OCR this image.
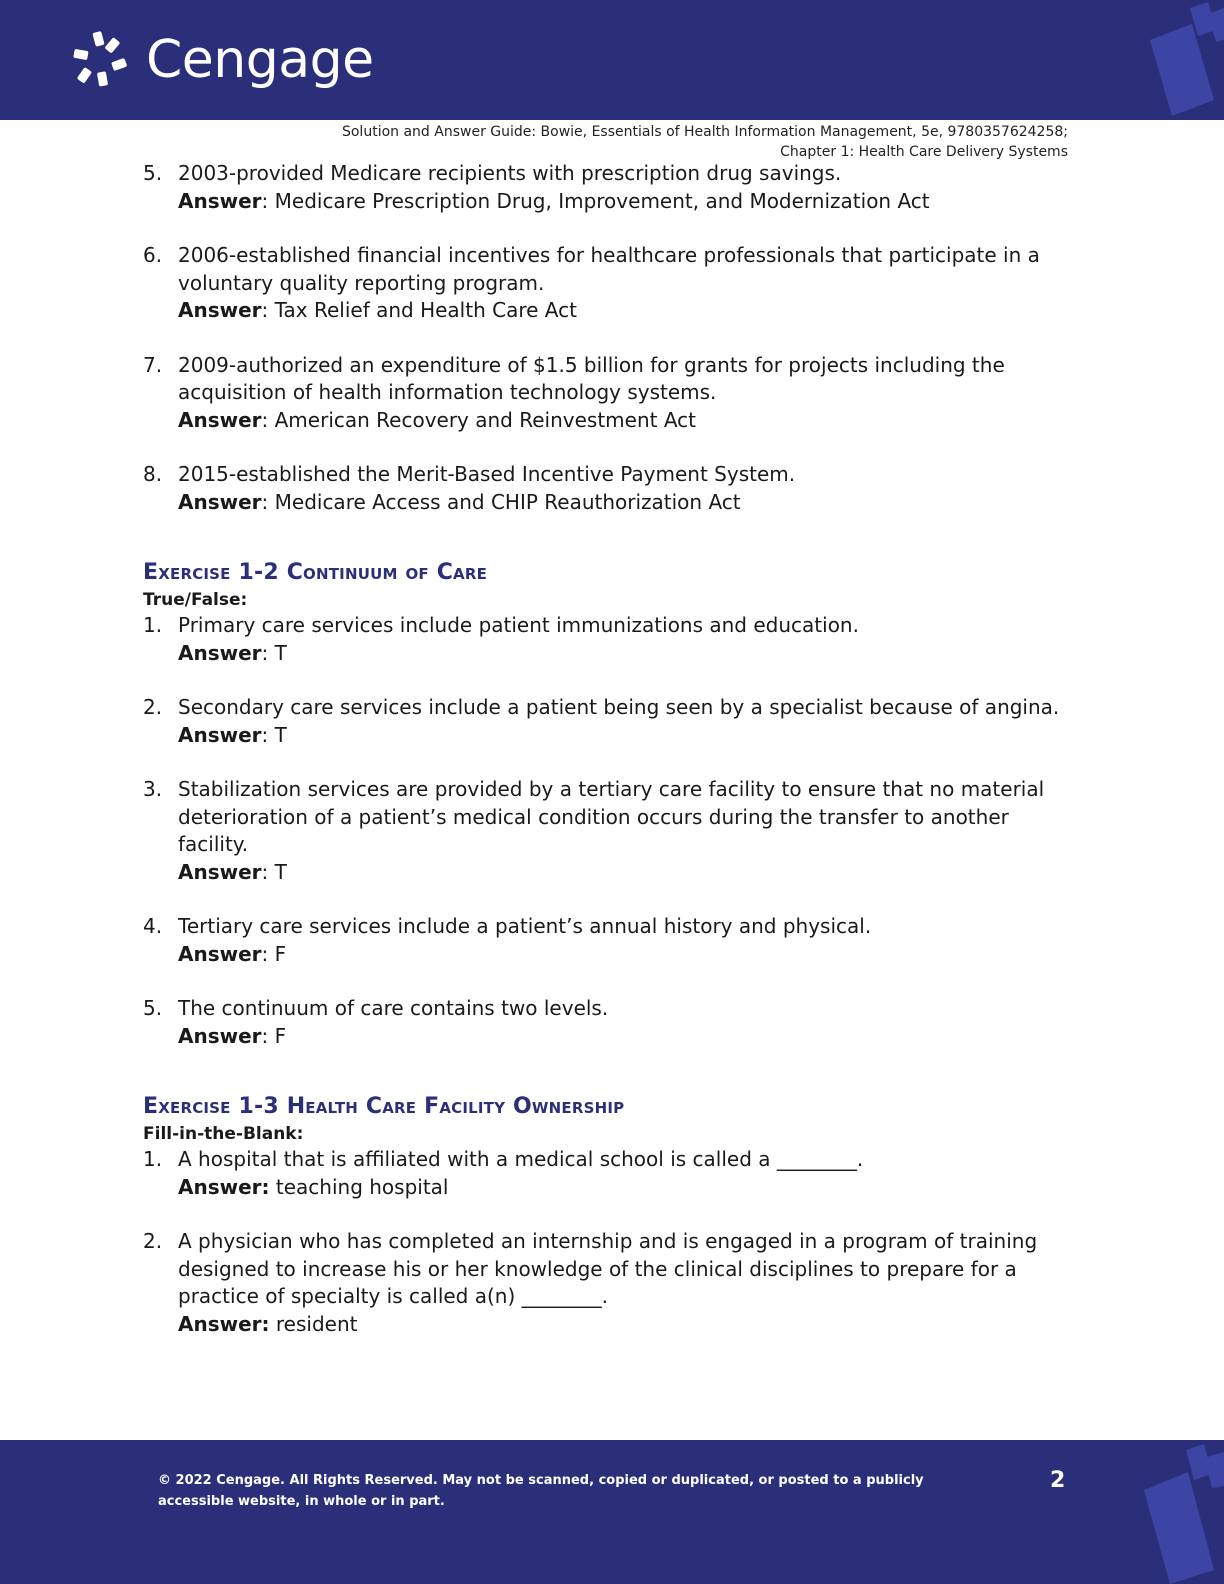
Cengage
Solution and Answer Guide: Bowie, Essentials of Health Information Management, 5e, 9780357624258;
Chapter 1: Health Care Delivery Systems
5. 2003-provided Medicare recipients with prescription drug savings.
Answer: Medicare Prescription Drug, Improvement, and Modernization Act
6. 2006-established financial incentives for healthcare professionals that participate in a voluntary quality reporting program.
Answer: Tax Relief and Health Care Act
7. 2009-authorized an expenditure of $1.5 billion for grants for projects including the acquisition of health information technology systems.
Answer: American Recovery and Reinvestment Act
8. 2015-established the Merit-Based Incentive Payment System.
Answer: Medicare Access and CHIP Reauthorization Act
Exercise 1-2 Continuum of Care
True/False:
1. Primary care services include patient immunizations and education.
Answer: T
2. Secondary care services include a patient being seen by a specialist because of angina.
Answer: T
3. Stabilization services are provided by a tertiary care facility to ensure that no material deterioration of a patient’s medical condition occurs during the transfer to another facility.
Answer: T
4. Tertiary care services include a patient’s annual history and physical.
Answer: F
5. The continuum of care contains two levels.
Answer: F
Exercise 1-3 Health Care Facility Ownership
Fill-in-the-Blank:
1. A hospital that is affiliated with a medical school is called a ________.
Answer: teaching hospital
2. A physician who has completed an internship and is engaged in a program of training designed to increase his or her knowledge of the clinical disciplines to prepare for a practice of specialty is called a(n) ________.
Answer: resident
© 2022 Cengage. All Rights Reserved. May not be scanned, copied or duplicated, or posted to a publicly accessible website, in whole or in part.
2
